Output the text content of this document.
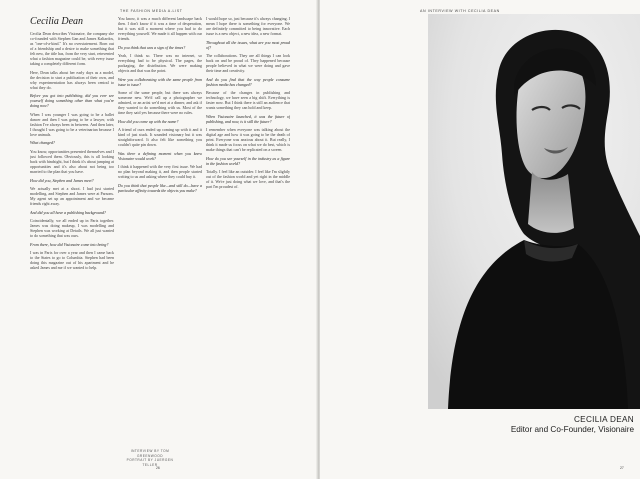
THE FASHION MEDIA A-LIST
Cecilia Dean

Cecilia Dean describes Visionaire, the company she co-founded with Stephen Gan and James Kaliardos, as "one-of-a-kind." It's no overstatement. Born out of a friendship and a desire to make something that felt new, the title has, from the very start, reinvented what a fashion magazine could be, with every issue taking a completely different form.

Here, Dean talks about her early days as a model, the decision to start a publication of their own, and why experimentation has always been central to what they do.

Before you got into publishing, did you ever see yourself doing something other than what you're doing now?

When I was younger I was going to be a ballet dancer and then I was going to be a lawyer, with fashion I've always been in between. And then later, I thought I was going to be a veterinarian because I love animals.

What changed?

You know, opportunities presented themselves and I just followed them. Obviously, this is all looking back with hindsight, but I think it's about jumping at opportunities and it's also about not being too married to the plan that you have.

How did you, Stephen and James meet?

We actually met at a shoot. I had just started modelling, and Stephen and James were at Parsons. My agent set up an appointment and we became friends right away.

And did you all have a publishing background?

Coincidentally, we all ended up in Paris together. James was doing makeup, I was modelling and Stephen was working at Details. We all just wanted to do something that was ours.

From there, how did Visionaire come into being?

I was in Paris for over a year and then I came back to the States to go to Columbia. Stephen had been doing this magazine out of his apartment and he asked James and me if we wanted to help.

You know, it was a much different landscape back then. I don't know if it was a time of desperation, but it was still a moment where you had to do everything yourself. We made it all happen with our friends.

Do you think that was a sign of the times?

Yeah, I think so. There was no internet, so everything had to be physical. The pages, the packaging, the distribution. We were making objects and that was the point.

Were you collaborating with the same people from issue to issue?

Some of the same people, but there was always someone new. We'd call up a photographer we admired, or an artist we'd met at a dinner, and ask if they wanted to do something with us. Most of the time they said yes because there were no rules.

How did you come up with the name?

A friend of ours ended up coming up with it and it kind of just stuck. It sounded visionary but it was straightforward. It also felt like something you couldn't quite pin down.

Was there a defining moment when you knew Visionaire would work?

I think it happened with the very first issue. We had no plan beyond making it, and then people started writing to us and asking where they could buy it.

Do you think that people like—and still do—have a particular affinity towards the objects you make?

I would hope so, just because it's always changing. I mean I hope there is something for everyone. We are definitely committed to being innovative. Each issue is a new object, a new idea, a new format.

Throughout all the issues, what are you most proud of?

The collaborations. They are all things I can look back on and be proud of. They happened because people believed in what we were doing and gave their time and creativity.

And do you find that the way people consume fashion media has changed?

Because of the changes in publishing and technology, we have seen a big shift. Everything is faster now. But I think there is still an audience that wants something they can hold and keep.

When Visionaire launched, it was the future of publishing, and now, is it still the future?

I remember when everyone was talking about the digital age and how it was going to be the death of print. Everyone was anxious about it. But really, I think it made us focus on what we do best, which is make things that can't be replicated on a screen.

How do you see yourself in the industry as a figure in the fashion world?

Totally. I feel like an outsider. I feel like I'm slightly out of the fashion world and yet right in the middle of it. We're just doing what we love, and that's the part I'm proudest of.

INTERVIEW BY TOM GREENWOOD
PORTRAIT BY JUERGEN TELLER
26
AN INTERVIEW WITH CECILIA DEAN
CECILIA DEAN
Editor and Co-Founder, Visionaire
27
